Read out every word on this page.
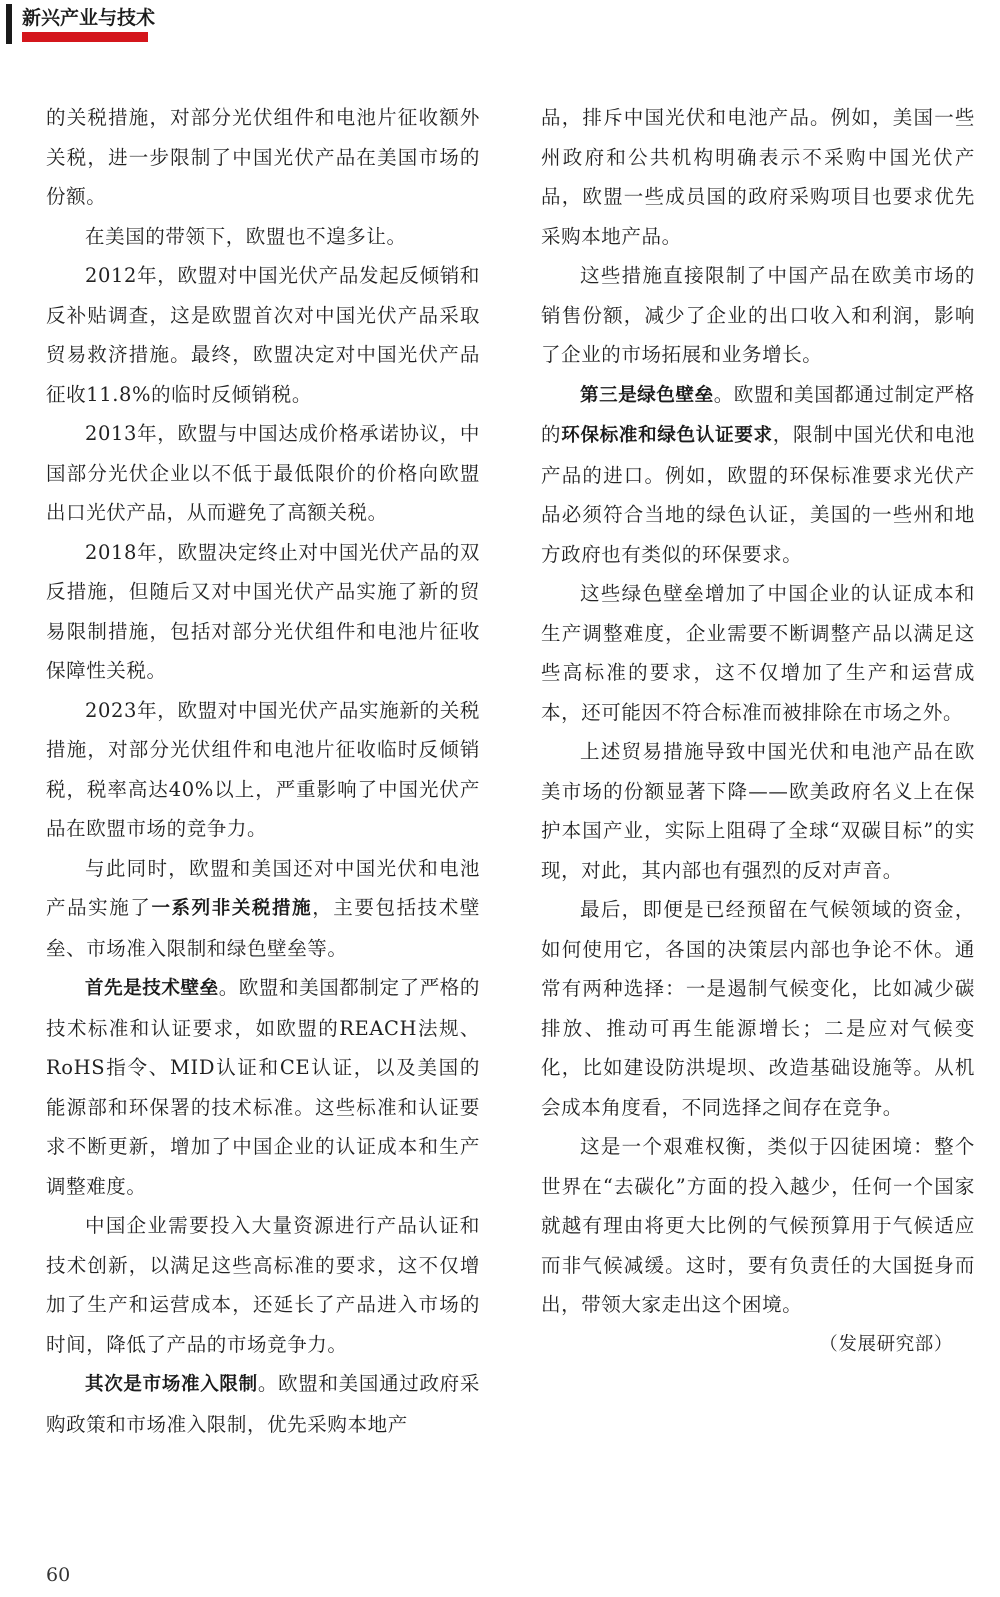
新兴产业与技术

的关税措施，对部分光伏组件和电池片征收额外关税，进一步限制了中国光伏产品在美国市场的份额。

在美国的带领下，欧盟也不遑多让。

2012年，欧盟对中国光伏产品发起反倾销和反补贴调查，这是欧盟首次对中国光伏产品采取贸易救济措施。最终，欧盟决定对中国光伏产品征收11.8%的临时反倾销税。

2013年，欧盟与中国达成价格承诺协议，中国部分光伏企业以不低于最低限价的价格向欧盟出口光伏产品，从而避免了高额关税。

2018年，欧盟决定终止对中国光伏产品的双反措施，但随后又对中国光伏产品实施了新的贸易限制措施，包括对部分光伏组件和电池片征收保障性关税。

2023年，欧盟对中国光伏产品实施新的关税措施，对部分光伏组件和电池片征收临时反倾销税，税率高达40%以上，严重影响了中国光伏产品在欧盟市场的竞争力。

与此同时，欧盟和美国还对中国光伏和电池产品实施了一系列非关税措施，主要包括技术壁垒、市场准入限制和绿色壁垒等。

首先是技术壁垒。欧盟和美国都制定了严格的技术标准和认证要求，如欧盟的REACH法规、RoHS指令、MID认证和CE认证，以及美国的能源部和环保署的技术标准。这些标准和认证要求不断更新，增加了中国企业的认证成本和生产调整难度。

中国企业需要投入大量资源进行产品认证和技术创新，以满足这些高标准的要求，这不仅增加了生产和运营成本，还延长了产品进入市场的时间，降低了产品的市场竞争力。

其次是市场准入限制。欧盟和美国通过政府采购政策和市场准入限制，优先采购本地产

品，排斥中国光伏和电池产品。例如，美国一些州政府和公共机构明确表示不采购中国光伏产品，欧盟一些成员国的政府采购项目也要求优先采购本地产品。

这些措施直接限制了中国产品在欧美市场的销售份额，减少了企业的出口收入和利润，影响了企业的市场拓展和业务增长。

第三是绿色壁垒。欧盟和美国都通过制定严格的环保标准和绿色认证要求，限制中国光伏和电池产品的进口。例如，欧盟的环保标准要求光伏产品必须符合当地的绿色认证，美国的一些州和地方政府也有类似的环保要求。

这些绿色壁垒增加了中国企业的认证成本和生产调整难度，企业需要不断调整产品以满足这些高标准的要求，这不仅增加了生产和运营成本，还可能因不符合标准而被排除在市场之外。

上述贸易措施导致中国光伏和电池产品在欧美市场的份额显著下降——欧美政府名义上在保护本国产业，实际上阻碍了全球“双碳目标”的实现，对此，其内部也有强烈的反对声音。

最后，即便是已经预留在气候领域的资金，如何使用它，各国的决策层内部也争论不休。通常有两种选择：一是遏制气候变化，比如减少碳排放、推动可再生能源增长；二是应对气候变化，比如建设防洪堤坝、改造基础设施等。从机会成本角度看，不同选择之间存在竞争。

这是一个艰难权衡，类似于囚徒困境：整个世界在“去碳化”方面的投入越少，任何一个国家就越有理由将更大比例的气候预算用于气候适应而非气候减缓。这时，要有负责任的大国挺身而出，带领大家走出这个困境。

（发展研究部）

60
